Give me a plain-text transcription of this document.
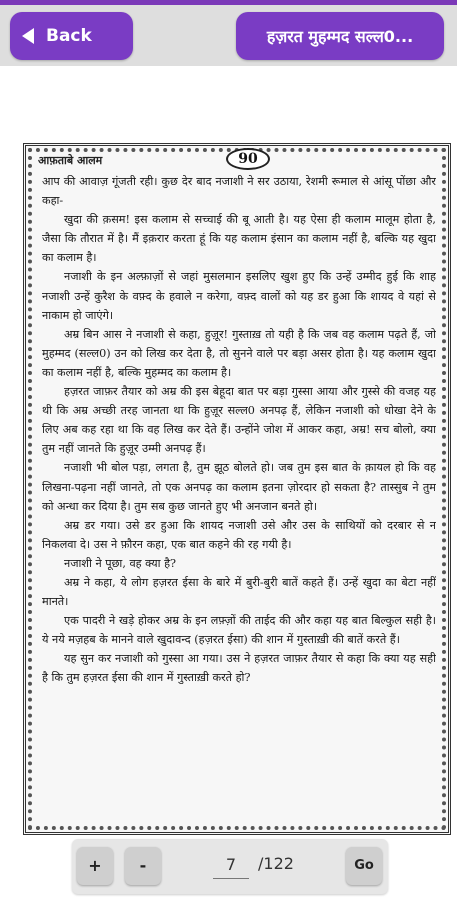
Back	हज़रत मुहम्मद सल्ल0...
आफ़ताबे आलम	90

आप की आवाज़ गूंजती रही। कुछ देर बाद नजाशी ने सर उठाया, रेशमी रूमाल से आंसू पोंछा और कहा-

खुदा की क़सम! इस कलाम से सच्चाई की बू आती है। यह ऐसा ही कलाम मालूम होता है, जैसा कि तौरात में है। मैं इक़रार करता हूं कि यह कलाम इंसान का कलाम नहीं है, बल्कि यह खुदा का कलाम है।

नजाशी के इन अल्फ़ाज़ों से जहां मुसलमान इसलिए खुश हुए कि उन्हें उम्मीद हुई कि शाह नजाशी उन्हें कुरैश के वफ़्द के हवाले न करेगा, वफ़्द वालों को यह डर हुआ कि शायद वे यहां से नाकाम हो जाएंगे।

अम्र बिन आस ने नजाशी से कहा, हुज़ूर! गुस्ताख़ तो यही है कि जब वह कलाम पढ़ते हैं, जो मुहम्मद (सल्ल0) उन को लिख कर देता है, तो सुनने वाले पर बड़ा असर होता है। यह कलाम खुदा का कलाम नहीं है, बल्कि मुहम्मद का कलाम है।

हज़रत जाफ़र तैयार को अम्र की इस बेहूदा बात पर बड़ा गुस्सा आया और गुस्से की वजह यह थी कि अम्र अच्छी तरह जानता था कि हुज़ूर सल्ल0 अनपढ़ हैं, लेकिन नजाशी को धोखा देने के लिए अब कह रहा था कि वह लिख कर देते हैं। उन्होंने जोश में आकर कहा, अम्र! सच बोलो, क्या तुम नहीं जानते कि हुज़ूर उम्मी अनपढ़ हैं।

नजाशी भी बोल पड़ा, लगता है, तुम झूठ बोलते हो। जब तुम इस बात के क़ायल हो कि वह लिखना-पढ़ना नहीं जानते, तो एक अनपढ़ का कलाम इतना ज़ोरदार हो सकता है? तास्सुब ने तुम को अन्धा कर दिया है। तुम सब कुछ जानते हुए भी अनजान बनते हो।

अम्र डर गया। उसे डर हुआ कि शायद नजाशी उसे और उस के साथियों को दरबार से न निकलवा दे। उस ने फ़ौरन कहा, एक बात कहने की रह गयी है।

नजाशी ने पूछा, वह क्या है?

अम्र ने कहा, ये लोग हज़रत ईसा के बारे में बुरी-बुरी बातें कहते हैं। उन्हें खुदा का बेटा नहीं मानते।

एक पादरी ने खड़े होकर अम्र के इन लफ़्ज़ों की ताईद की और कहा यह बात बिल्कुल सही है। ये नये मज़हब के मानने वाले खुदावन्द (हज़रत ईसा) की शान में गुस्ताख़ी की बातें करते हैं।

यह सुन कर नजाशी को गुस्सा आ गया। उस ने हज़रत जाफ़र तैयार से कहा कि क्या यह सही है कि तुम हज़रत ईसा की शान में गुस्ताख़ी करते हो?

+	-
7	/122	Go
